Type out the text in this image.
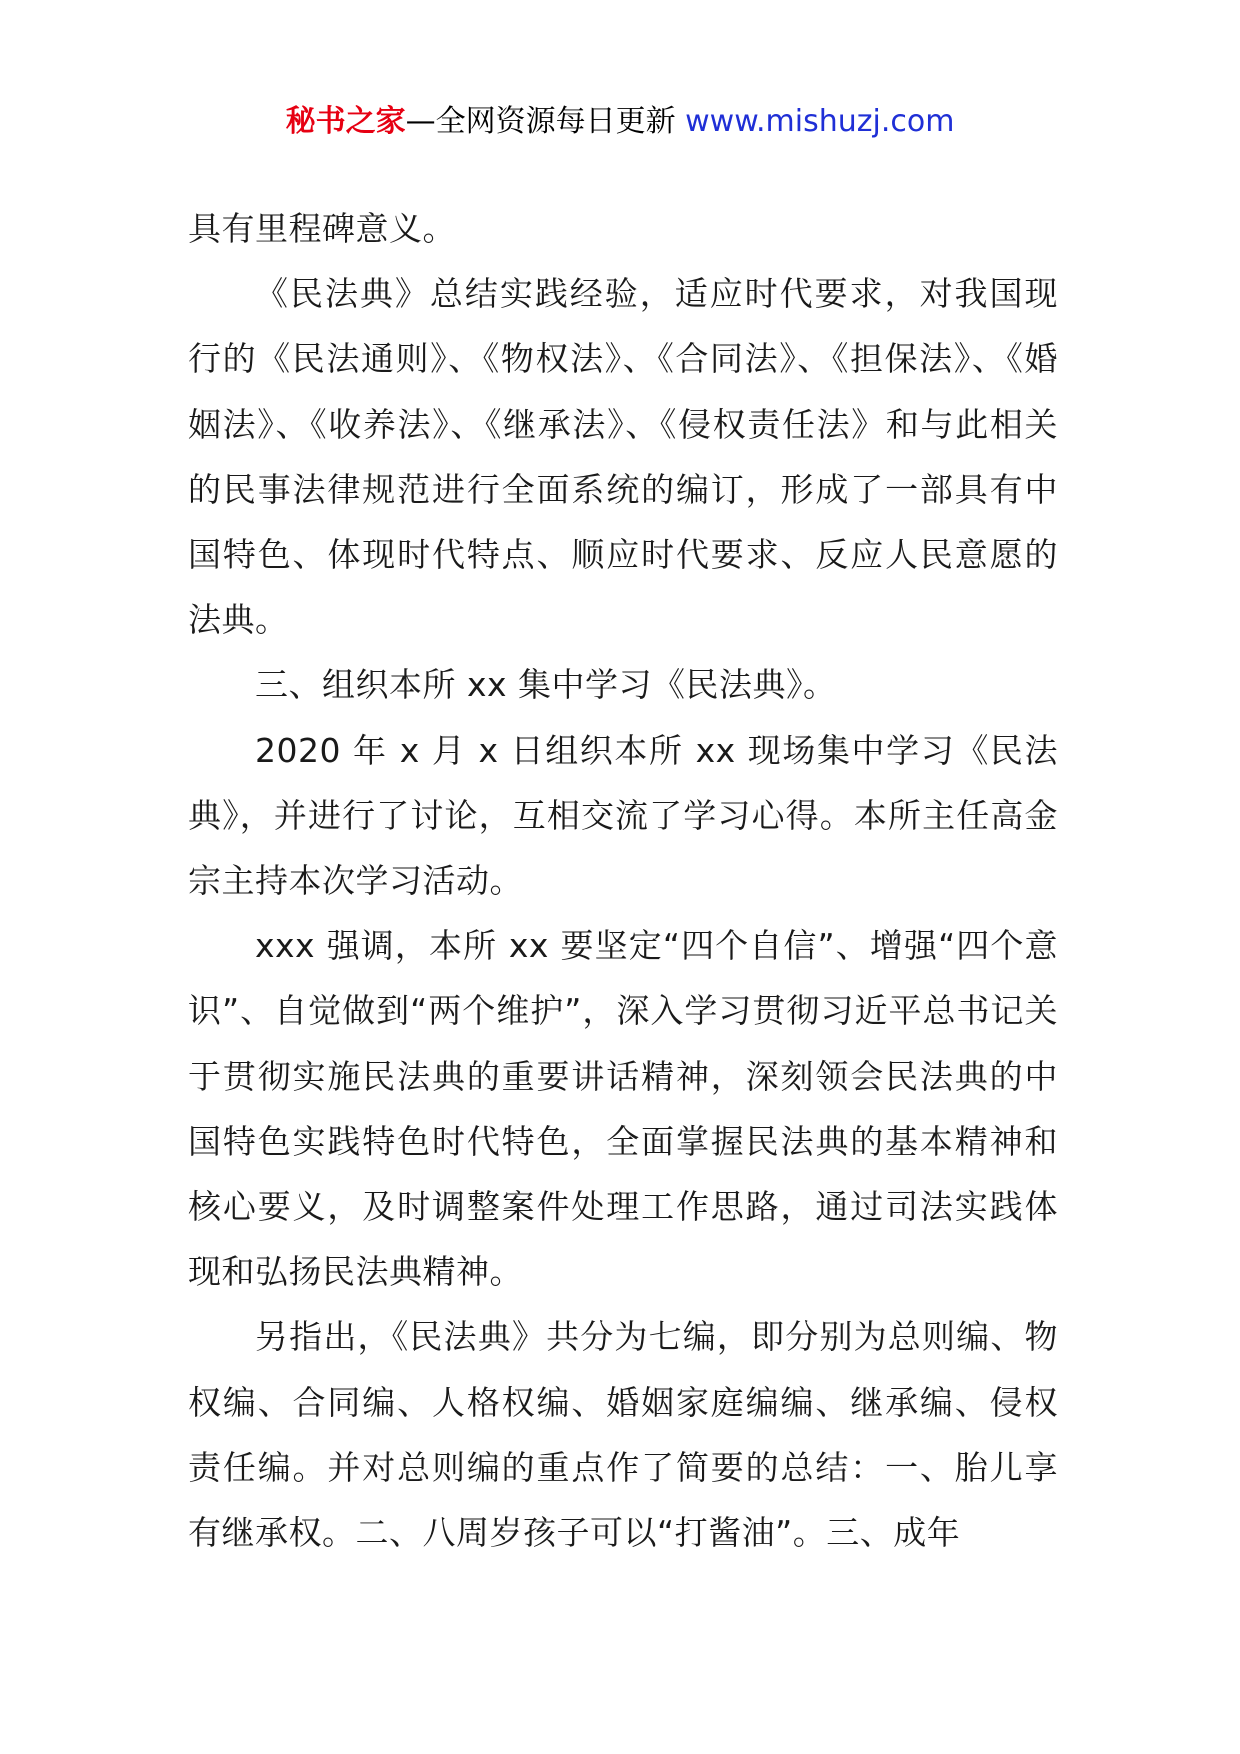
秘书之家—全网资源每日更新 www.mishuzj.com

具有里程碑意义。

《民法典》总结实践经验，适应时代要求，对我国现行的《民法通则》、《物权法》、《合同法》、《担保法》、《婚姻法》、《收养法》、《继承法》、《侵权责任法》和与此相关的民事法律规范进行全面系统的编订，形成了一部具有中国特色、体现时代特点、顺应时代要求、反应人民意愿的法典。

三、组织本所 xx 集中学习《民法典》。

2020 年 x 月 x 日组织本所 xx 现场集中学习《民法典》，并进行了讨论，互相交流了学习心得。本所主任高金宗主持本次学习活动。

xxx 强调，本所 xx 要坚定“四个自信”、增强“四个意识”、自觉做到“两个维护”，深入学习贯彻习近平总书记关于贯彻实施民法典的重要讲话精神，深刻领会民法典的中国特色实践特色时代特色，全面掌握民法典的基本精神和核心要义，及时调整案件处理工作思路，通过司法实践体现和弘扬民法典精神。

另指出，《民法典》共分为七编，即分别为总则编、物权编、合同编、人格权编、婚姻家庭编编、继承编、侵权责任编。并对总则编的重点作了简要的总结：一、胎儿享有继承权。二、八周岁孩子可以“打酱油”。三、成年
